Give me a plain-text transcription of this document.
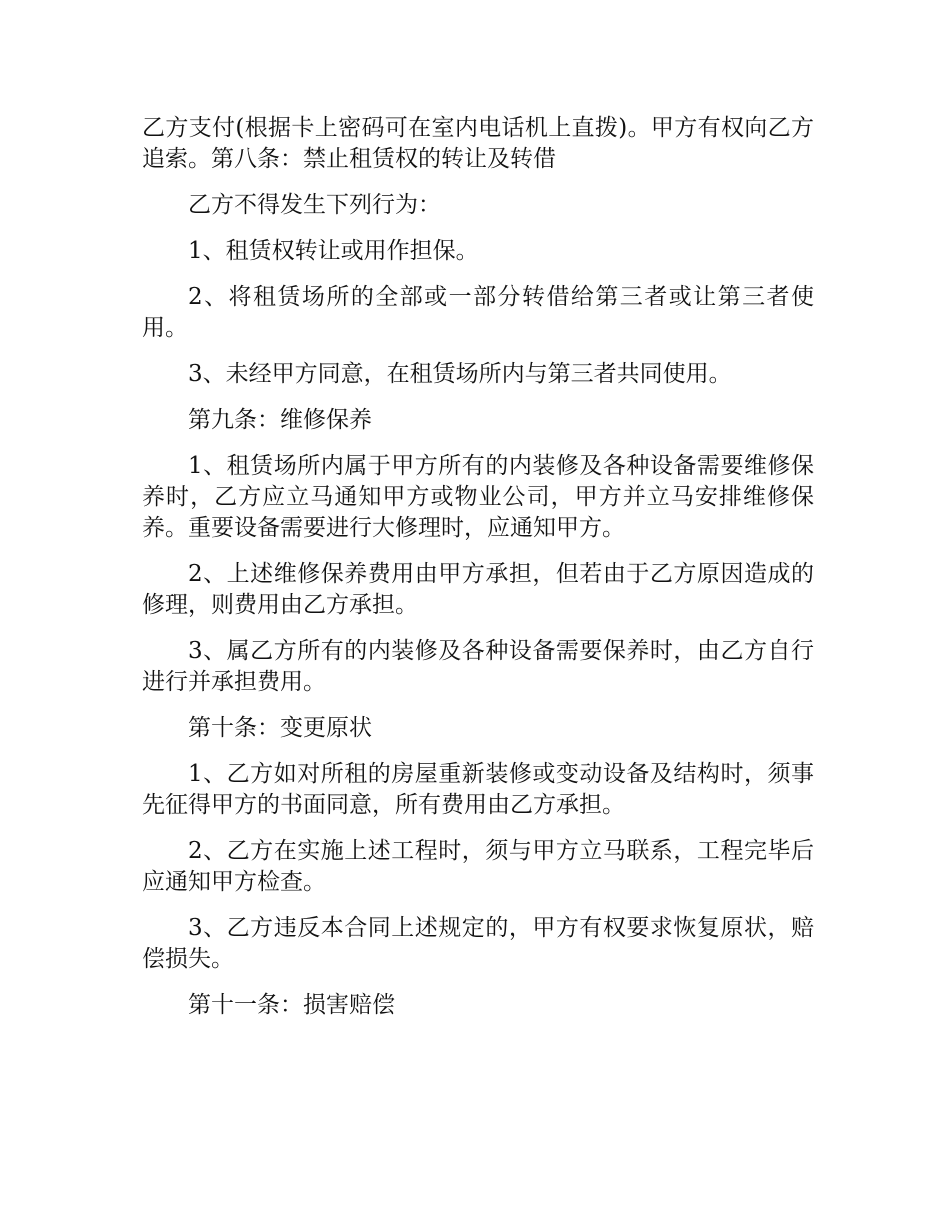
乙方支付(根据卡上密码可在室内电话机上直拨)。甲方有权向乙方追索。第八条：禁止租赁权的转让及转借

乙方不得发生下列行为：

1、租赁权转让或用作担保。

2、将租赁场所的全部或一部分转借给第三者或让第三者使用。

3、未经甲方同意，在租赁场所内与第三者共同使用。

第九条：维修保养

1、租赁场所内属于甲方所有的内装修及各种设备需要维修保养时，乙方应立马通知甲方或物业公司，甲方并立马安排维修保养。重要设备需要进行大修理时，应通知甲方。

2、上述维修保养费用由甲方承担，但若由于乙方原因造成的修理，则费用由乙方承担。

3、属乙方所有的内装修及各种设备需要保养时，由乙方自行进行并承担费用。

第十条：变更原状

1、乙方如对所租的房屋重新装修或变动设备及结构时，须事先征得甲方的书面同意，所有费用由乙方承担。

2、乙方在实施上述工程时，须与甲方立马联系，工程完毕后应通知甲方检查。

3、乙方违反本合同上述规定的，甲方有权要求恢复原状，赔偿损失。

第十一条：损害赔偿
